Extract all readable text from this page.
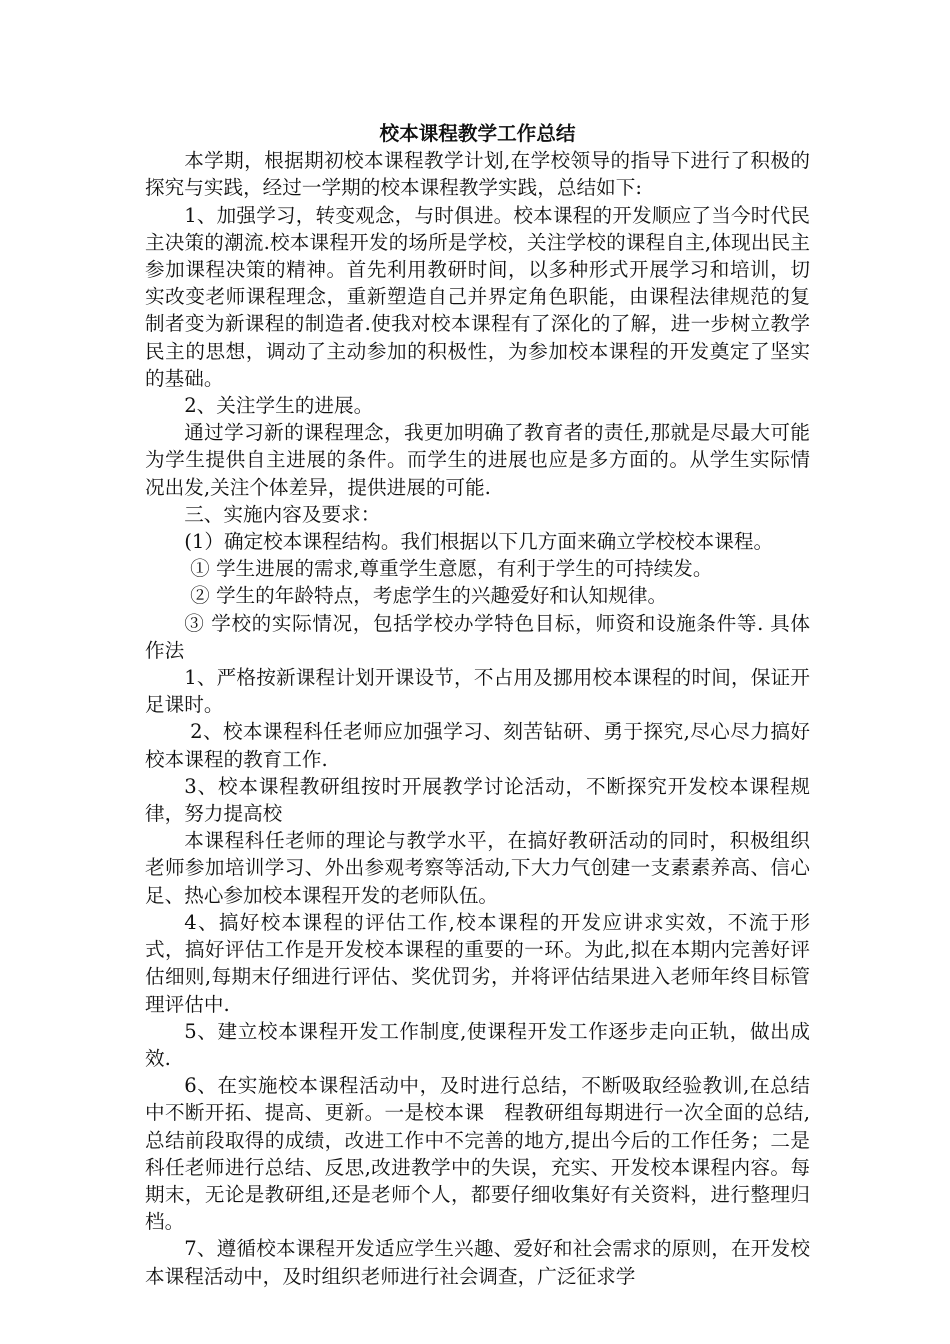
校本课程教学工作总结

本学期，根据期初校本课程教学计划,在学校领导的指导下进行了积极的探究与实践，经过一学期的校本课程教学实践，总结如下:

1、加强学习，转变观念，与时俱进。校本课程的开发顺应了当今时代民主决策的潮流.校本课程开发的场所是学校，关注学校的课程自主,体现出民主参加课程决策的精神。首先利用教研时间，以多种形式开展学习和培训，切实改变老师课程理念，重新塑造自己并界定角色职能，由课程法律规范的复制者变为新课程的制造者.使我对校本课程有了深化的了解，进一步树立教学民主的思想，调动了主动参加的积极性，为参加校本课程的开发奠定了坚实的基础。

2、关注学生的进展。

通过学习新的课程理念，我更加明确了教育者的责任,那就是尽最大可能为学生提供自主进展的条件。而学生的进展也应是多方面的。从学生实际情况出发,关注个体差异，提供进展的可能.

三、实施内容及要求：

(1）确定校本课程结构。我们根据以下几方面来确立学校校本课程。

① 学生进展的需求,尊重学生意愿，有利于学生的可持续发。

② 学生的年龄特点，考虑学生的兴趣爱好和认知规律。

③ 学校的实际情况，包括学校办学特色目标，师资和设施条件等. 具体作法

1、严格按新课程计划开课设节，不占用及挪用校本课程的时间，保证开足课时。

2、校本课程科任老师应加强学习、刻苦钻研、勇于探究,尽心尽力搞好校本课程的教育工作.

3、校本课程教研组按时开展教学讨论活动，不断探究开发校本课程规律，努力提高校

本课程科任老师的理论与教学水平，在搞好教研活动的同时，积极组织老师参加培训学习、外出参观考察等活动,下大力气创建一支素素养高、信心足、热心参加校本课程开发的老师队伍。

4、搞好校本课程的评估工作,校本课程的开发应讲求实效，不流于形式，搞好评估工作是开发校本课程的重要的一环。为此,拟在本期内完善好评估细则,每期末仔细进行评估、奖优罚劣，并将评估结果进入老师年终目标管理评估中.

5、建立校本课程开发工作制度,使课程开发工作逐步走向正轨，做出成效.

6、在实施校本课程活动中，及时进行总结，不断吸取经验教训,在总结中不断开拓、提高、更新。一是校本课　程教研组每期进行一次全面的总结,总结前段取得的成绩，改进工作中不完善的地方,提出今后的工作任务；二是科任老师进行总结、反思,改进教学中的失误，充实、开发校本课程内容。每期末，无论是教研组,还是老师个人，都要仔细收集好有关资料，进行整理归档。

7、遵循校本课程开发适应学生兴趣、爱好和社会需求的原则，在开发校本课程活动中，及时组织老师进行社会调查，广泛征求学
